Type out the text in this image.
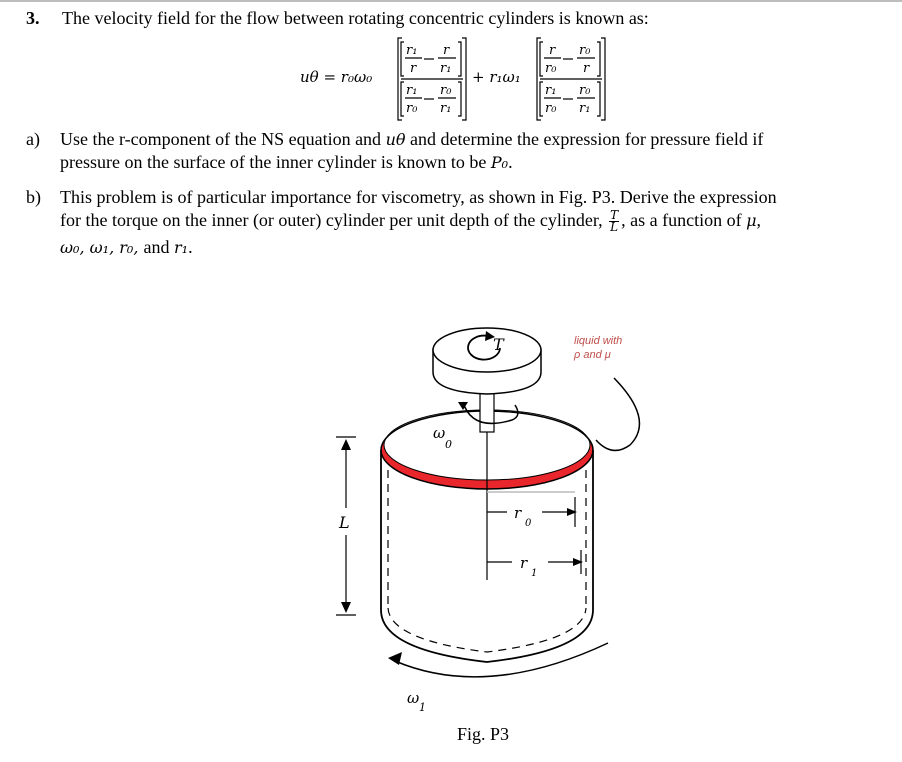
3. The velocity field for the flow between rotating concentric cylinders is known as:
uθ = r₀ω₀
r₁
r
r
r₁
r₁
r₀
r₀
r₁
+ r₁ω₁
r
r₀
r₀
r
r₁
r₀
r₀
r₁
a) Use the r-component of the NS equation and uθ and determine the expression for pressure field if
pressure on the surface of the inner cylinder is known to be P₀.
b) This problem is of particular importance for viscometry, as shown in Fig. P3. Derive the expression
for the torque on the inner (or outer) cylinder per unit depth of the cylinder, $\frac{T}{L}$ , as a function of μ,
ω₀, ω₁, r₀, and r₁.
T
ω
0
r
0
r
1
L
ω
1
liquid with
ρ and μ
Fig. P3
